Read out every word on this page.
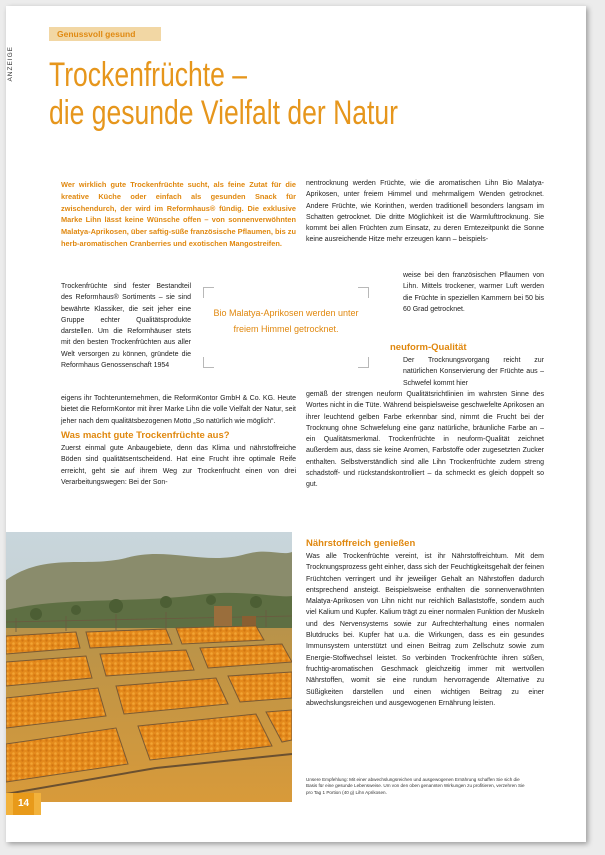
ANZEIGE
Genussvoll gesund
Trockenfrüchte –
die gesunde Vielfalt der Natur

Wer wirklich gute Trockenfrüchte sucht, als feine Zutat für die kreative Küche oder einfach als gesunden Snack für zwischendurch, der wird im Reformhaus® fündig. Die exklusive Marke Lihn lässt keine Wünsche offen – von sonnenverwöhnten Malatya-Aprikosen, über saftig-süße französische Pflaumen, bis zu herb-aromatischen Cranberries und exotischen Mangostreifen.

Trockenfrüchte sind fester Bestandteil des Reformhaus® Sortiments – sie sind bewährte Klassiker, die seit jeher eine Gruppe echter Qualitätsprodukte darstellen. Um die Reformhäuser stets mit den besten Trockenfrüchten aus aller Welt versorgen zu können, gründete die Reformhaus Genossenschaft 1954

eigens ihr Tochterunternehmen, die ReformKontor GmbH & Co. KG. Heute bietet die ReformKontor mit ihrer Marke Lihn die volle Vielfalt der Natur, seit jeher nach dem qualitätsbezogenen Motto „So natürlich wie möglich“.

Was macht gute Trockenfrüchte aus?

Zuerst einmal gute Anbaugebiete, denn das Klima und nährstoffreiche Böden sind qualitätsentscheidend. Hat eine Frucht ihre optimale Reife erreicht, geht sie auf ihrem Weg zur Trockenfrucht einen von drei Verarbeitungswegen: Bei der Son-

Bio Malatya-Aprikosen werden unter freiem Himmel getrocknet.

nentrocknung werden Früchte, wie die aromatischen Lihn Bio Malatya-Aprikosen, unter freiem Himmel und mehrmaligem Wenden getrocknet. Andere Früchte, wie Korinthen, werden traditionell besonders langsam im Schatten getrocknet. Die dritte Möglichkeit ist die Warmlufttrocknung. Sie kommt bei allen Früchten zum Einsatz, zu deren Erntezeitpunkt die Sonne keine ausreichende Hitze mehr erzeugen kann – beispiels-

weise bei den französischen Pflaumen von Lihn. Mittels trockener, warmer Luft werden die Früchte in speziellen Kammern bei 50 bis 60 Grad getrocknet.

neuform-Qualität

Der Trocknungsvorgang reicht zur natürlichen Konservierung der Früchte aus – Schwefel kommt hier

gemäß der strengen neuform Qualitätsrichtlinien im wahrsten Sinne des Wortes nicht in die Tüte. Während beispielsweise geschwefelte Aprikosen an ihrer leuchtend gelben Farbe erkennbar sind, nimmt die Frucht bei der Trocknung ohne Schwefelung eine ganz natürliche, bräunliche Farbe an – ein Qualitätsmerkmal. Trockenfrüchte in neuform-Qualität zeichnet außerdem aus, dass sie keine Aromen, Farbstoffe oder zugesetzten Zucker enthalten. Selbstverständlich sind alle Lihn Trockenfrüchte zudem streng schadstoff- und rückstandskontrolliert – da schmeckt es gleich doppelt so gut.

Nährstoffreich genießen

Was alle Trockenfrüchte vereint, ist ihr Nährstoffreichtum. Mit dem Trocknungsprozess geht einher, dass sich der Feuchtigkeitsgehalt der feinen Früchtchen verringert und ihr jeweiliger Gehalt an Nährstoffen dadurch entsprechend ansteigt. Beispielsweise enthalten die sonnenverwöhnten Malatya-Aprikosen von Lihn nicht nur reichlich Ballaststoffe, sondern auch viel Kalium und Kupfer. Kalium trägt zu einer normalen Funktion der Muskeln und des Nervensystems sowie zur Aufrechterhaltung eines normalen Blutdrucks bei. Kupfer hat u.a. die Wirkungen, dass es ein gesundes Immunsystem unterstützt und einen Beitrag zum Zellschutz sowie zum Energie-Stoffwechsel leistet. So verbinden Trockenfrüchte ihren süßen, fruchtig-aromatischen Geschmack gleichzeitig immer mit wertvollen Nährstoffen, womit sie eine rundum hervorragende Alternative zu Süßigkeiten darstellen und einen wichtigen Beitrag zu einer abwechslungsreichen und ausgewogenen Ernährung leisten.

Unsere Empfehlung: Mit einer abwechslungsreichen und ausgewogenen Ernährung schaffen Sie sich die Basis für eine gesunde Lebensweise. Um von den oben genannten Wirkungen zu profitieren, verzehren Sie pro Tag 1 Portion (40 g) Lihn Aprikosen.

14
